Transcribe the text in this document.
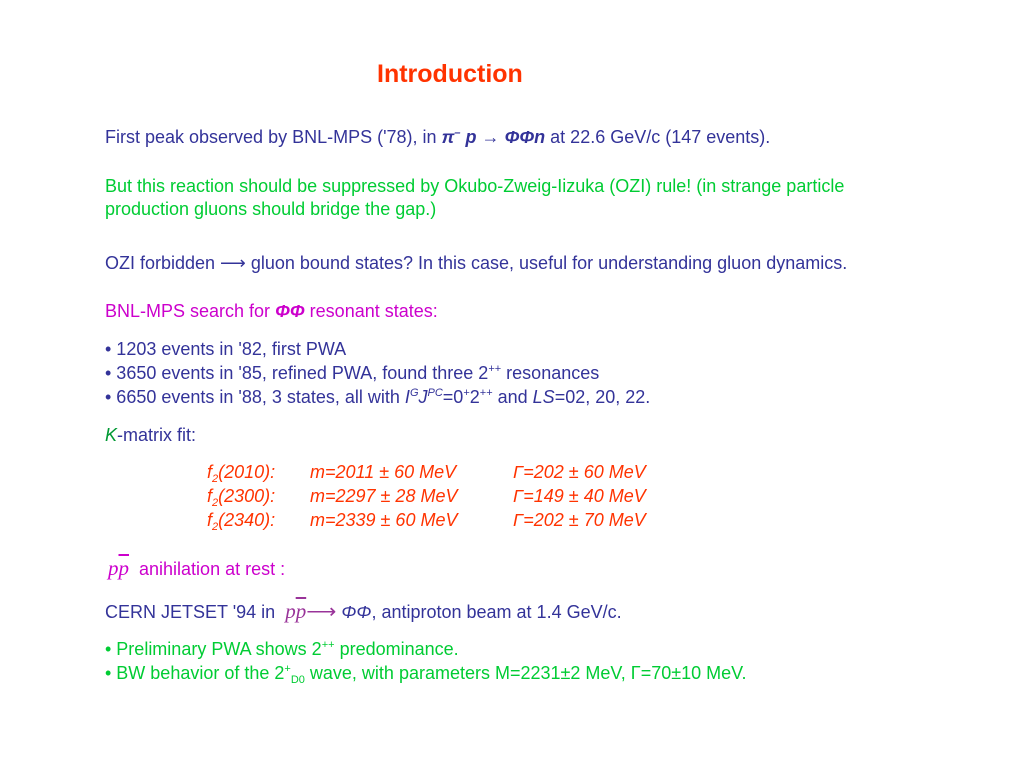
Introduction
First peak observed by BNL-MPS ('78), in π– p → ΦΦn at 22.6 GeV/c (147 events).
But this reaction should be suppressed by Okubo-Zweig-Iizuka (OZI) rule! (in strange particle
production gluons should bridge the gap.)
OZI forbidden ⟶ gluon bound states? In this case, useful for understanding gluon dynamics.
BNL-MPS search for ΦΦ resonant states:
• 1203 events in '82, first PWA
• 3650 events in '85, refined PWA, found three 2++ resonances
• 6650 events in '88, 3 states, all with $I^GJ^{PC}=0^+2^{++}$ and LS=02, 20, 22.
K-matrix fit:
$f_2(2010)$: m=2011 ± 60 MeV	Γ=202 ± 60 MeV
$f_2(2300)$: m=2297 ± 28 MeV	Γ=149 ± 40 MeV
$f_2(2340)$: m=2339 ± 60 MeV	Γ=202 ± 70 MeV
$p\overline{p}$ anihilation at rest :
CERN JETSET '94 in  $p\overline{p}⟶$ ΦΦ, antiproton beam at 1.4 GeV/c.
• Preliminary PWA shows 2++ predominance.
• BW behavior of the $2^+_{D0}$ wave, with parameters M=2231±2 MeV, Γ=70±10 MeV.
